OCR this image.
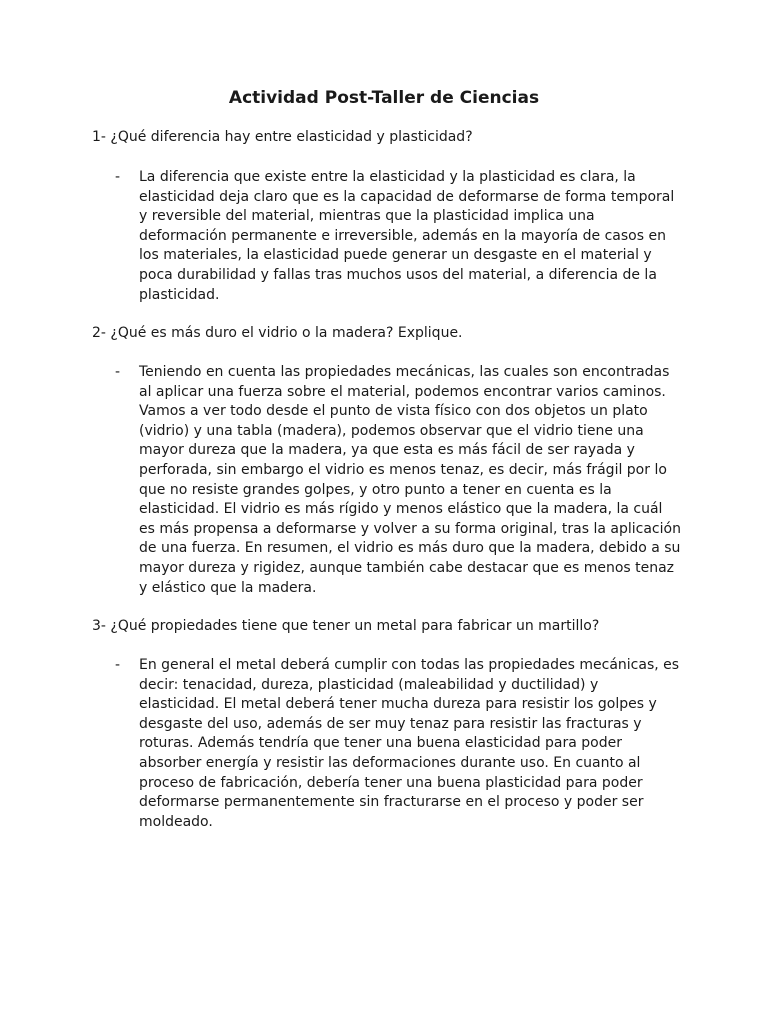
Actividad Post-Taller de Ciencias

1- ¿Qué diferencia hay entre elasticidad y plasticidad?

- La diferencia que existe entre la elasticidad y la plasticidad es clara, la
elasticidad deja claro que es la capacidad de deformarse de forma temporal
y reversible del material, mientras que la plasticidad implica una
deformación permanente e irreversible, además en la mayoría de casos en
los materiales, la elasticidad puede generar un desgaste en el material y
poca durabilidad y fallas tras muchos usos del material, a diferencia de la
plasticidad.

2- ¿Qué es más duro el vidrio o la madera? Explique.

- Teniendo en cuenta las propiedades mecánicas, las cuales son encontradas
al aplicar una fuerza sobre el material, podemos encontrar varios caminos.
Vamos a ver todo desde el punto de vista físico con dos objetos un plato
(vidrio) y una tabla (madera), podemos observar que el vidrio tiene una
mayor dureza que la madera, ya que esta es más fácil de ser rayada y
perforada, sin embargo el vidrio es menos tenaz, es decir, más frágil por lo
que no resiste grandes golpes, y otro punto a tener en cuenta es la
elasticidad. El vidrio es más rígido y menos elástico que la madera, la cuál
es más propensa a deformarse y volver a su forma original, tras la aplicación
de una fuerza. En resumen, el vidrio es más duro que la madera, debido a su
mayor dureza y rigidez, aunque también cabe destacar que es menos tenaz
y elástico que la madera.

3- ¿Qué propiedades tiene que tener un metal para fabricar un martillo?

- En general el metal deberá cumplir con todas las propiedades mecánicas, es
decir: tenacidad, dureza, plasticidad (maleabilidad y ductilidad) y
elasticidad. El metal deberá tener mucha dureza para resistir los golpes y
desgaste del uso, además de ser muy tenaz para resistir las fracturas y
roturas. Además tendría que tener una buena elasticidad para poder
absorber energía y resistir las deformaciones durante uso. En cuanto al
proceso de fabricación, debería tener una buena plasticidad para poder
deformarse permanentemente sin fracturarse en el proceso y poder ser
moldeado.
